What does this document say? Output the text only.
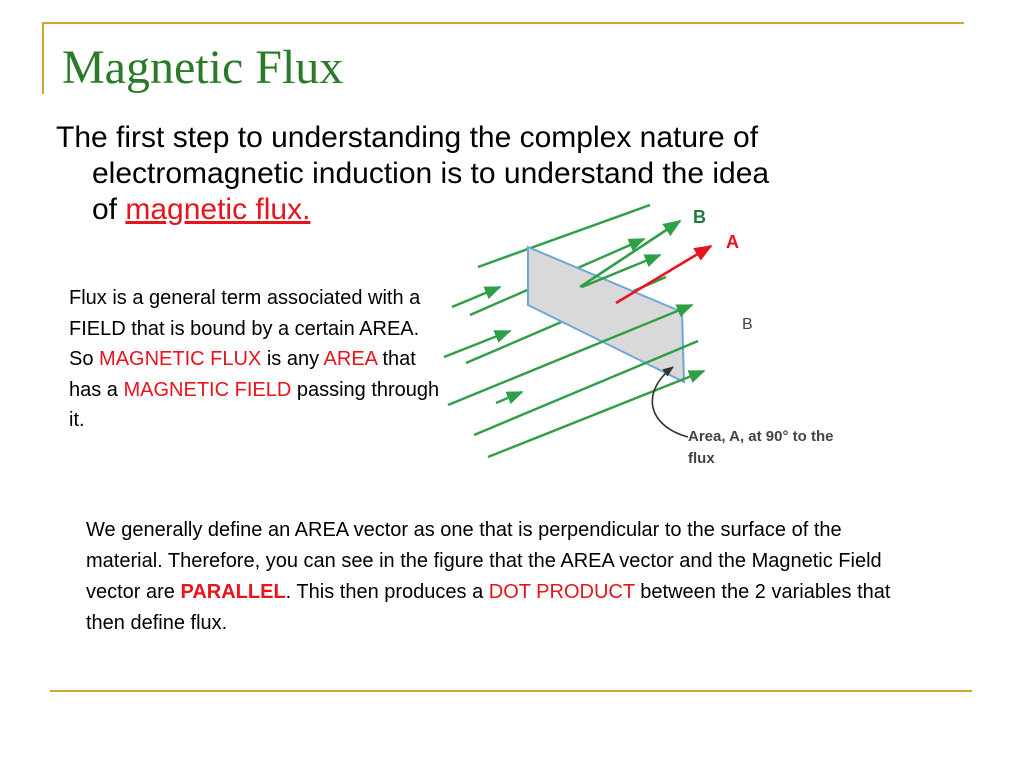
Magnetic Flux
The first step to understanding the complex nature of
electromagnetic induction is to understand the idea
of magnetic flux.
Flux is a general term associated with a FIELD that is bound by a certain AREA. So MAGNETIC FLUX is any AREA that has a MAGNETIC FIELD passing through it.
B
A
B
Area, A, at 90° to the
flux
We generally define an AREA vector as one that is perpendicular to the surface of the material. Therefore, you can see in the figure that the AREA vector and the Magnetic Field vector are PARALLEL. This then produces a DOT PRODUCT between the 2 variables that then define flux.
